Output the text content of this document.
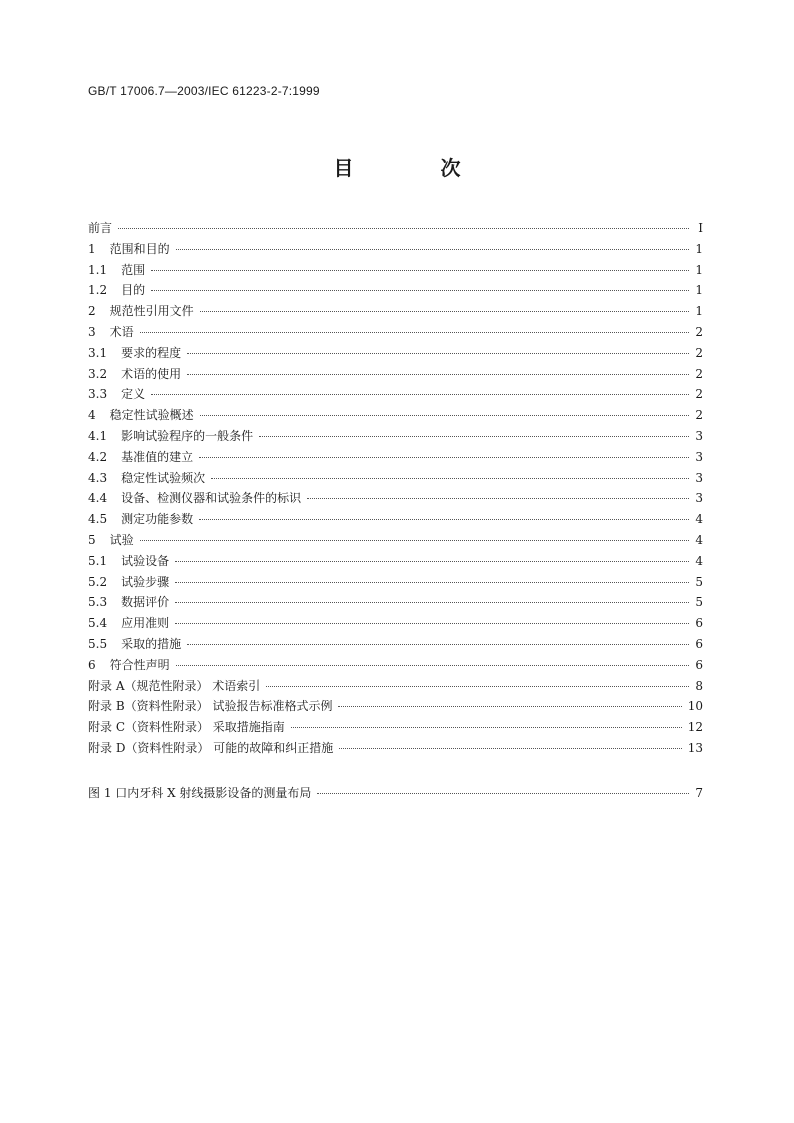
GB/T 17006.7—2003/IEC 61223-2-7:1999
目 次
前言	I
1 范围和目的	1
1.1 范围	1
1.2 目的	1
2 规范性引用文件	1
3 术语	2
3.1 要求的程度	2
3.2 术语的使用	2
3.3 定义	2
4 稳定性试验概述	2
4.1 影响试验程序的一般条件	3
4.2 基准值的建立	3
4.3 稳定性试验频次	3
4.4 设备、检测仪器和试验条件的标识	3
4.5 测定功能参数	4
5 试验	4
5.1 试验设备	4
5.2 试验步骤	5
5.3 数据评价	5
5.4 应用准则	6
5.5 采取的措施	6
6 符合性声明	6
附录 A（规范性附录） 术语索引	8
附录 B（资料性附录） 试验报告标准格式示例	10
附录 C（资料性附录） 采取措施指南	12
附录 D（资料性附录） 可能的故障和纠正措施	13
图 1 口内牙科 X 射线摄影设备的测量布局	7
